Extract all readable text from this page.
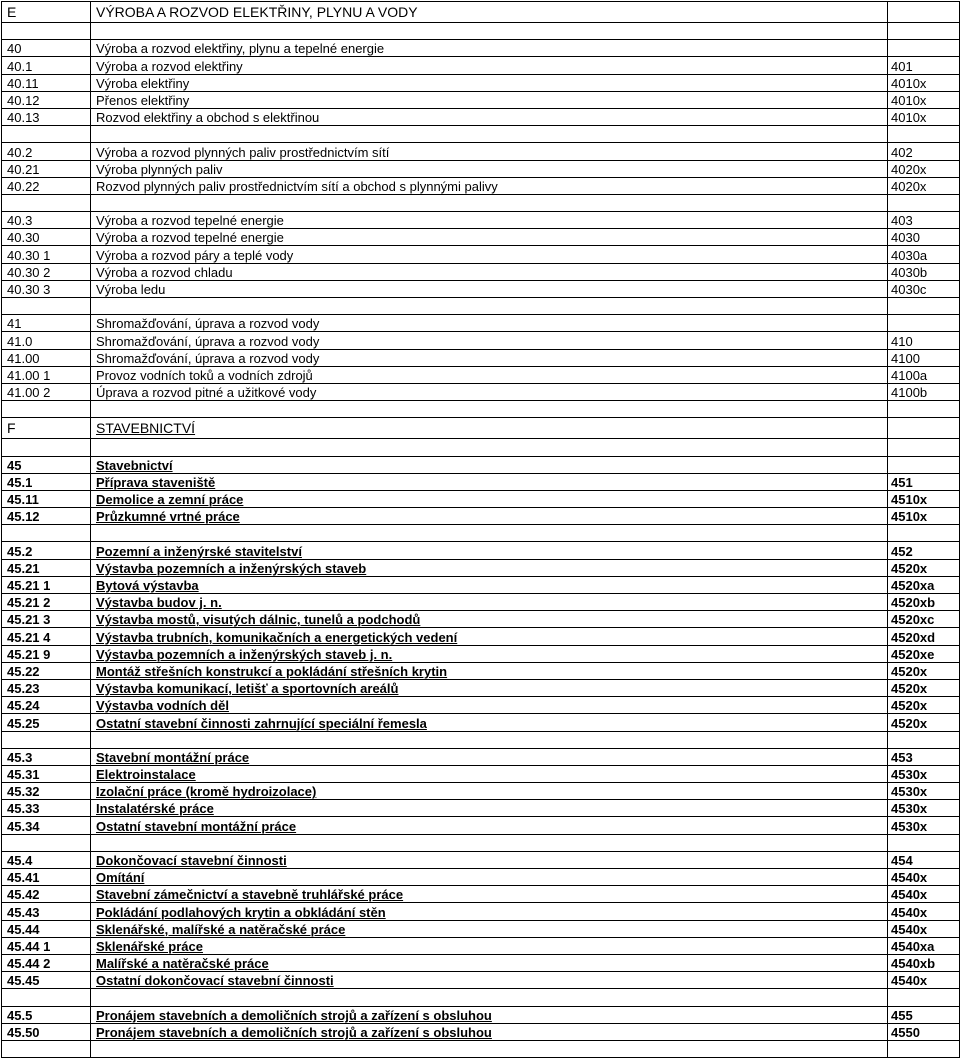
E	VÝROBA A ROZVOD ELEKTŘINY, PLYNU A VODY	

40	Výroba a rozvod elektřiny, plynu a tepelné energie	
40.1	Výroba a rozvod elektřiny	401
40.11	Výroba elektřiny	4010x
40.12	Přenos elektřiny	4010x
40.13	Rozvod elektřiny a obchod s elektřinou	4010x

40.2	Výroba a rozvod plynných paliv prostřednictvím sítí	402
40.21	Výroba plynných paliv	4020x
40.22	Rozvod plynných paliv prostřednictvím sítí a obchod s plynnými palivy	4020x

40.3	Výroba a rozvod tepelné energie	403
40.30	Výroba a rozvod tepelné energie	4030
40.30 1	Výroba a rozvod páry a teplé vody	4030a
40.30 2	Výroba a rozvod chladu	4030b
40.30 3	Výroba ledu	4030c

41	Shromažďování, úprava a rozvod vody	
41.0	Shromažďování, úprava a rozvod vody	410
41.00	Shromažďování, úprava a rozvod vody	4100
41.00 1	Provoz vodních toků a vodních zdrojů	4100a
41.00 2	Úprava a rozvod pitné a užitkové vody	4100b

F	STAVEBNICTVÍ	

45	Stavebnictví	
45.1	Příprava staveniště	451
45.11	Demolice a zemní práce	4510x
45.12	Průzkumné vrtné práce	4510x

45.2	Pozemní a inženýrské stavitelství	452
45.21	Výstavba pozemních a inženýrských staveb	4520x
45.21 1	Bytová výstavba	4520xa
45.21 2	Výstavba budov j. n.	4520xb
45.21 3	Výstavba mostů, visutých dálnic, tunelů a podchodů	4520xc
45.21 4	Výstavba trubních, komunikačních a energetických vedení	4520xd
45.21 9	Výstavba pozemních a inženýrských staveb j. n.	4520xe
45.22	Montáž střešních konstrukcí a pokládání střešních krytin	4520x
45.23	Výstavba komunikací, letišť a sportovních areálů	4520x
45.24	Výstavba vodních děl	4520x
45.25	Ostatní stavební činnosti zahrnující speciální řemesla	4520x

45.3	Stavební montážní práce	453
45.31	Elektroinstalace	4530x
45.32	Izolační práce (kromě hydroizolace)	4530x
45.33	Instalatérské práce	4530x
45.34	Ostatní stavební montážní práce	4530x

45.4	Dokončovací stavební činnosti	454
45.41	Omítání	4540x
45.42	Stavební zámečnictví a stavebně truhlářské práce	4540x
45.43	Pokládání podlahových krytin a obkládání stěn	4540x
45.44	Sklenářské, malířské a natěračské práce	4540x
45.44 1	Sklenářské práce	4540xa
45.44 2	Malířské a natěračské práce	4540xb
45.45	Ostatní dokončovací stavební činnosti	4540x

45.5	Pronájem stavebních a demoličních strojů a zařízení s obsluhou	455
45.50	Pronájem stavebních a demoličních strojů a zařízení s obsluhou	4550
